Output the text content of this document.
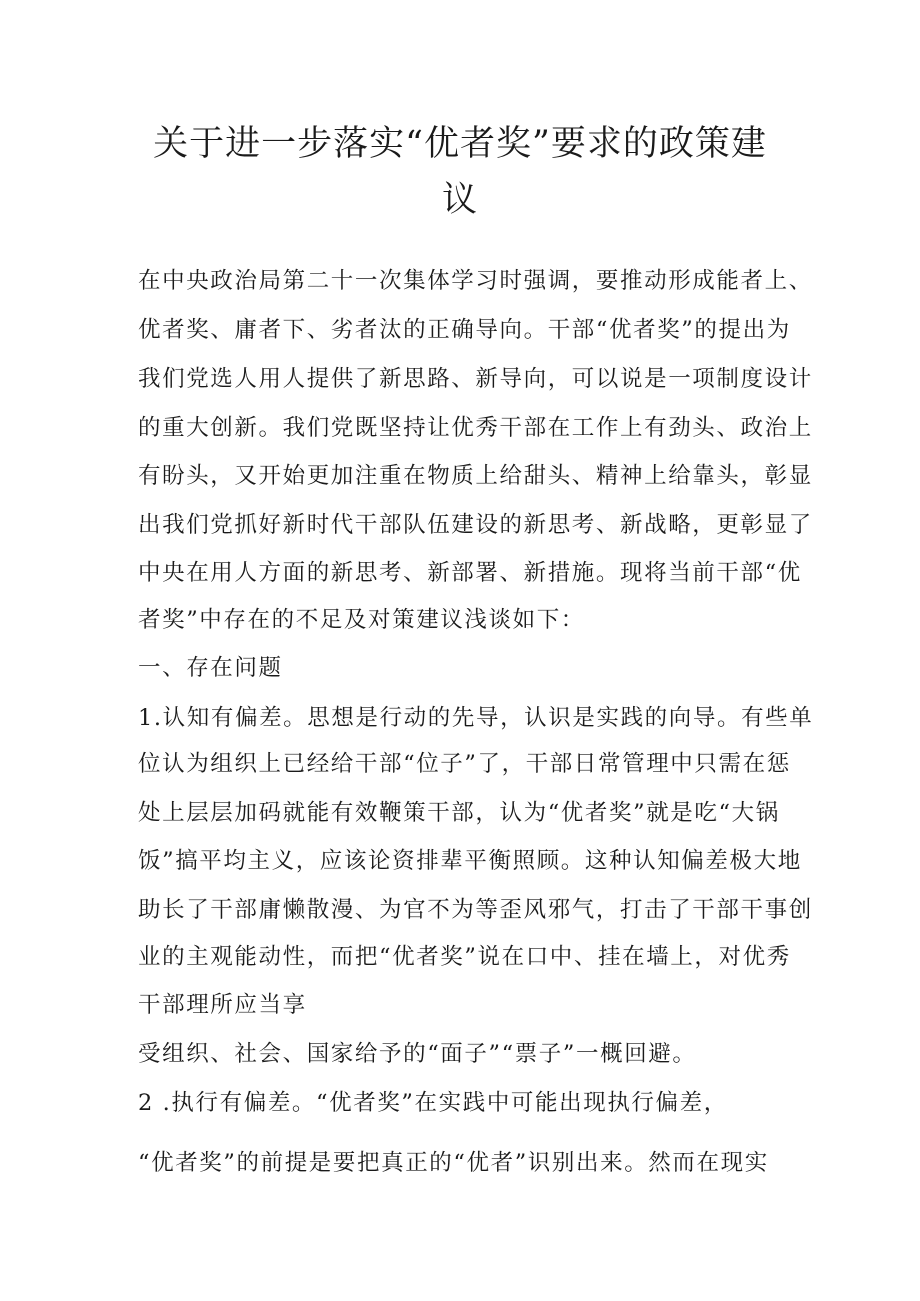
关于进一步落实“优者奖”要求的政策建
议
在中央政治局第二十一次集体学习时强调，要推动形成能者上、
优者奖、庸者下、劣者汰的正确导向。干部“优者奖”的提出为
我们党选人用人提供了新思路、新导向，可以说是一项制度设计
的重大创新。我们党既坚持让优秀干部在工作上有劲头、政治上
有盼头，又开始更加注重在物质上给甜头、精神上给靠头，彰显
出我们党抓好新时代干部队伍建设的新思考、新战略，更彰显了
中央在用人方面的新思考、新部署、新措施。现将当前干部“优
者奖”中存在的不足及对策建议浅谈如下：
一、存在问题
1.认知有偏差。思想是行动的先导，认识是实践的向导。有些单
位认为组织上已经给干部“位子”了，干部日常管理中只需在惩
处上层层加码就能有效鞭策干部，认为“优者奖”就是吃“大锅
饭”搞平均主义，应该论资排辈平衡照顾。这种认知偏差极大地
助长了干部庸懒散漫、为官不为等歪风邪气，打击了干部干事创
业的主观能动性，而把“优者奖”说在口中、挂在墙上，对优秀
干部理所应当享
受组织、社会、国家给予的“面子”“票子”一概回避。
2 .执行有偏差。“优者奖”在实践中可能出现执行偏差，
“优者奖”的前提是要把真正的“优者”识别出来。然而在现实
